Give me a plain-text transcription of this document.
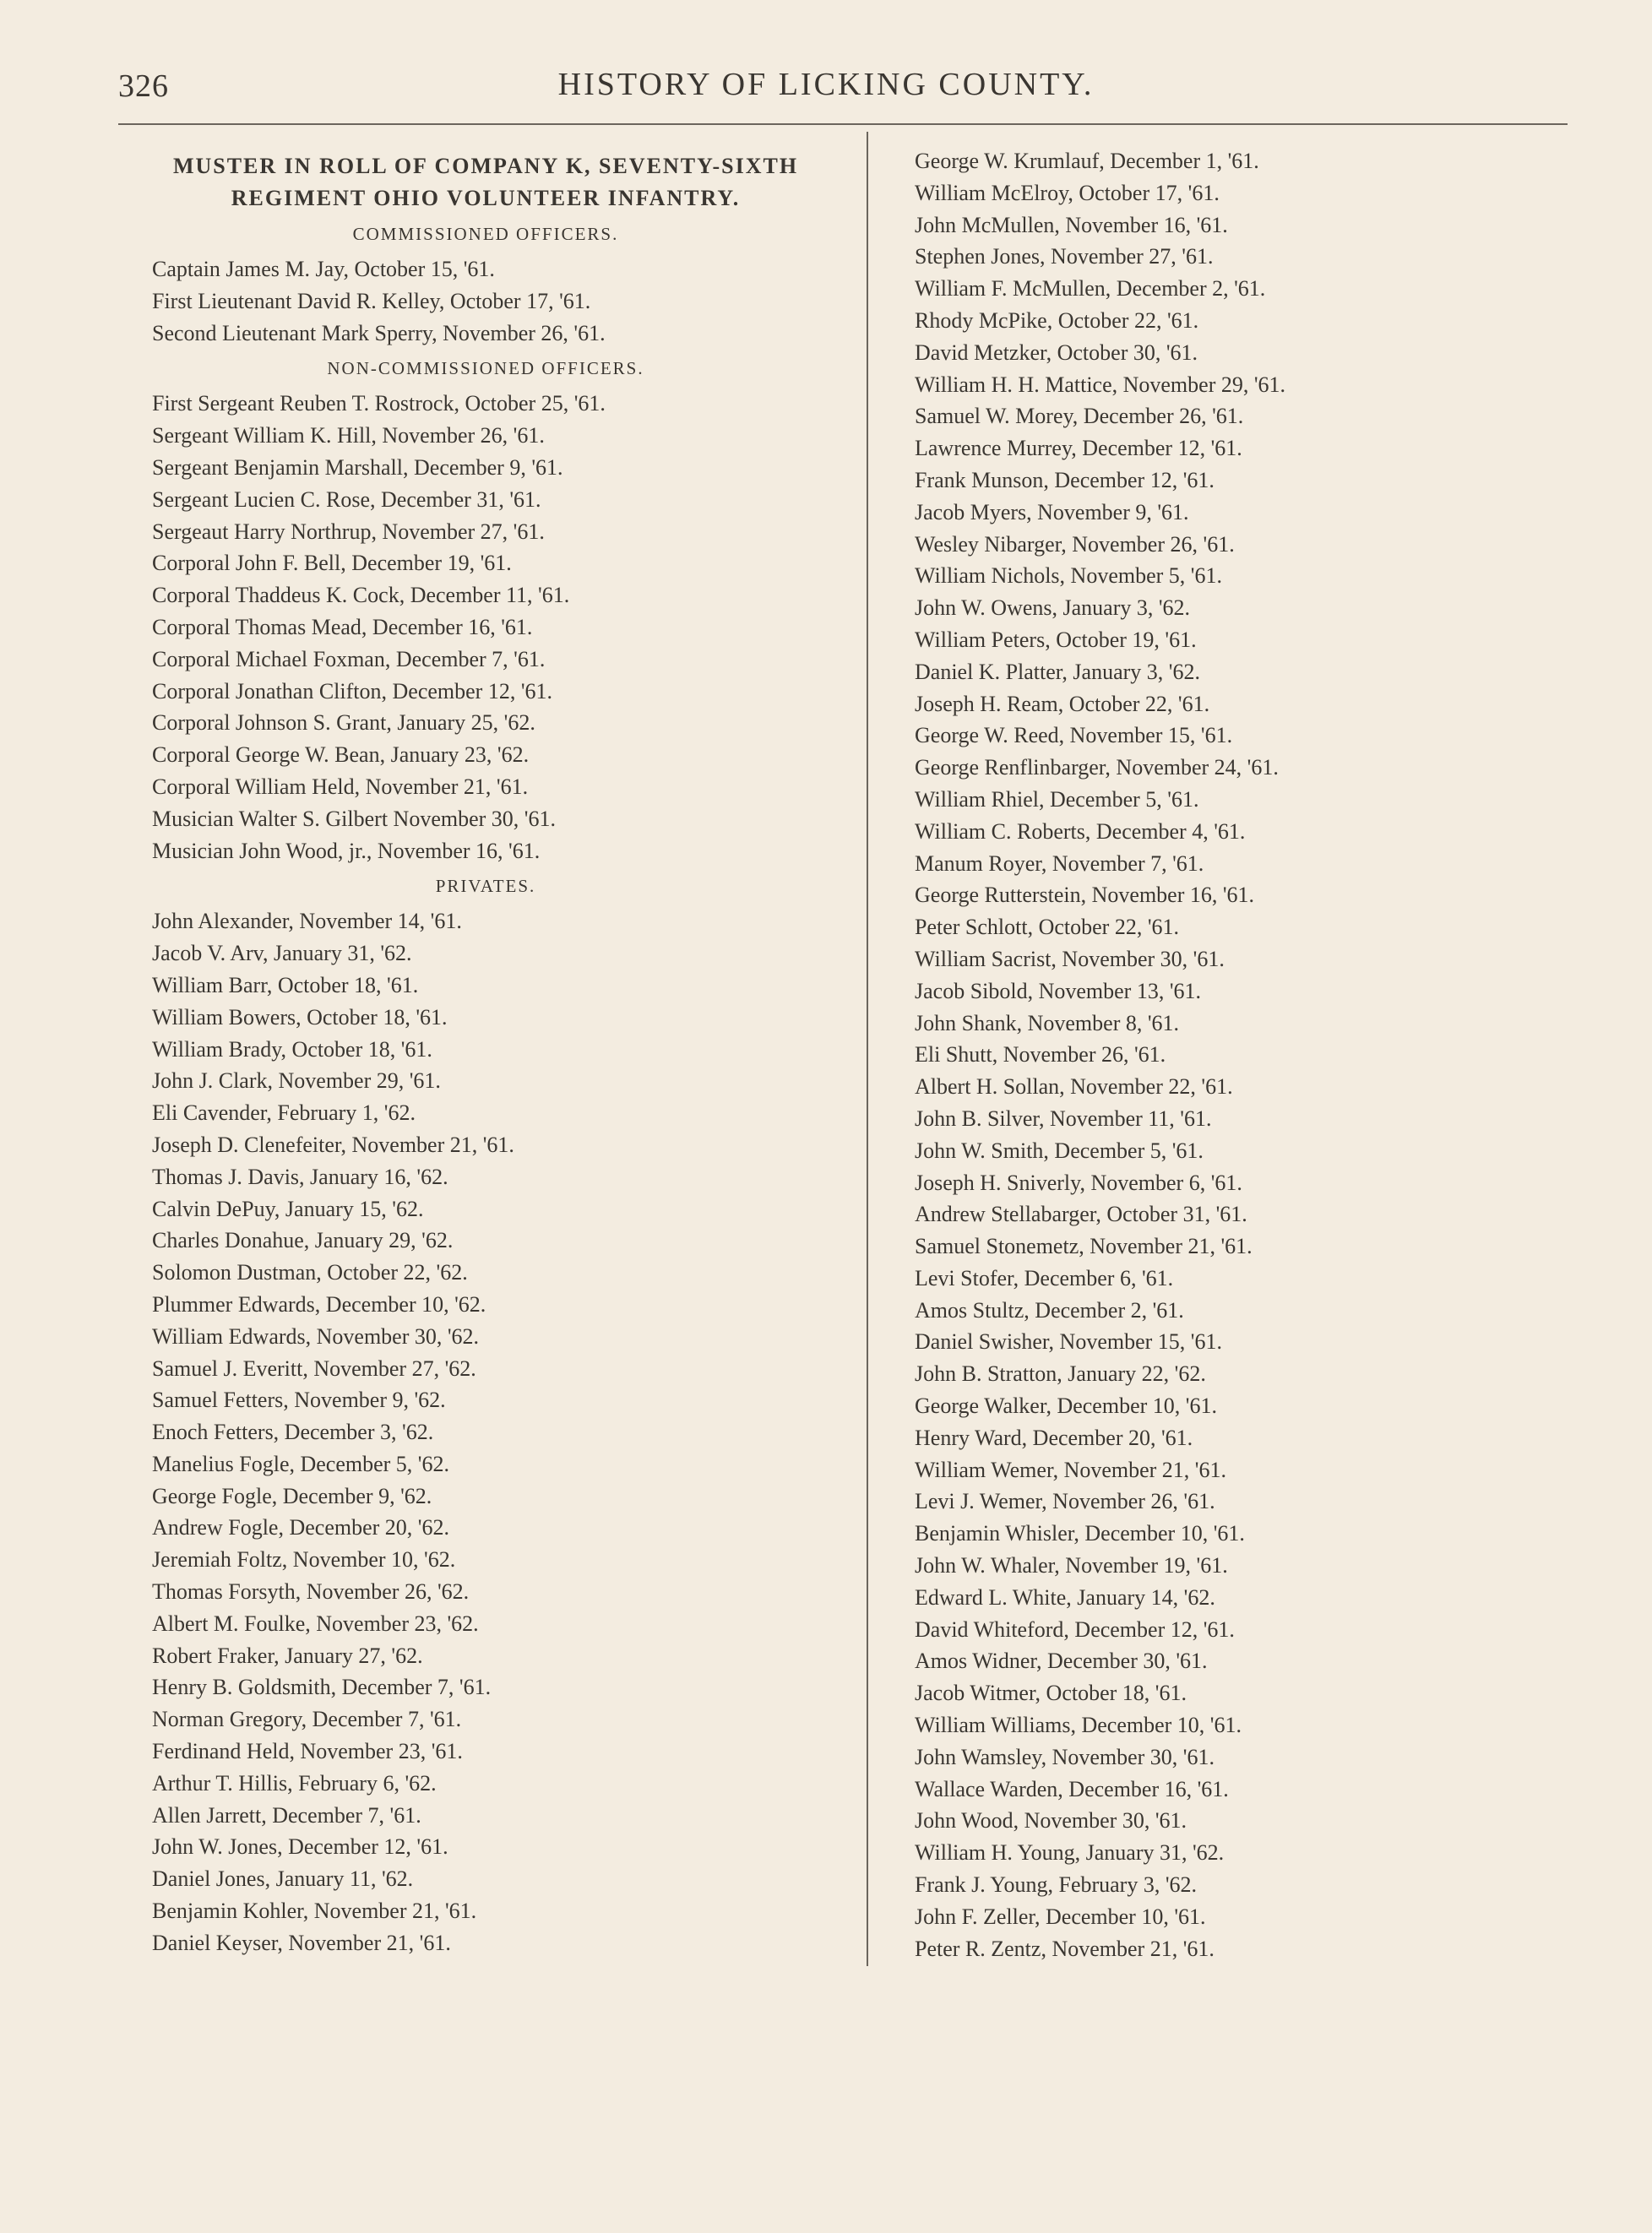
326	HISTORY OF LICKING COUNTY.
MUSTER IN ROLL OF COMPANY K, SEVENTY-SIXTH
REGIMENT OHIO VOLUNTEER INFANTRY.
COMMISSIONED OFFICERS.
Captain James M. Jay, October 15, '61.
First Lieutenant David R. Kelley, October 17, '61.
Second Lieutenant Mark Sperry, November 26, '61.
NON-COMMISSIONED OFFICERS.
First Sergeant Reuben T. Rostrock, October 25, '61.
Sergeant William K. Hill, November 26, '61.
Sergeant Benjamin Marshall, December 9, '61.
Sergeant Lucien C. Rose, December 31, '61.
Sergeaut Harry Northrup, November 27, '61.
Corporal John F. Bell, December 19, '61.
Corporal Thaddeus K. Cock, December 11, '61.
Corporal Thomas Mead, December 16, '61.
Corporal Michael Foxman, December 7, '61.
Corporal Jonathan Clifton, December 12, '61.
Corporal Johnson S. Grant, January 25, '62.
Corporal George W. Bean, January 23, '62.
Corporal William Held, November 21, '61.
Musician Walter S. Gilbert November 30, '61.
Musician John Wood, jr., November 16, '61.
PRIVATES.
John Alexander, November 14, '61.
Jacob V. Arv, January 31, '62.
William Barr, October 18, '61.
William Bowers, October 18, '61.
William Brady, October 18, '61.
John J. Clark, November 29, '61.
Eli Cavender, February 1, '62.
Joseph D. Clenefeiter, November 21, '61.
Thomas J. Davis, January 16, '62.
Calvin DePuy, January 15, '62.
Charles Donahue, January 29, '62.
Solomon Dustman, October 22, '62.
Plummer Edwards, December 10, '62.
William Edwards, November 30, '62.
Samuel J. Everitt, November 27, '62.
Samuel Fetters, November 9, '62.
Enoch Fetters, December 3, '62.
Manelius Fogle, December 5, '62.
George Fogle, December 9, '62.
Andrew Fogle, December 20, '62.
Jeremiah Foltz, November 10, '62.
Thomas Forsyth, November 26, '62.
Albert M. Foulke, November 23, '62.
Robert Fraker, January 27, '62.
Henry B. Goldsmith, December 7, '61.
Norman Gregory, December 7, '61.
Ferdinand Held, November 23, '61.
Arthur T. Hillis, February 6, '62.
Allen Jarrett, December 7, '61.
John W. Jones, December 12, '61.
Daniel Jones, January 11, '62.
Benjamin Kohler, November 21, '61.
Daniel Keyser, November 21, '61.
George W. Krumlauf, December 1, '61.
William McElroy, October 17, '61.
John McMullen, November 16, '61.
Stephen Jones, November 27, '61.
William F. McMullen, December 2, '61.
Rhody McPike, October 22, '61.
David Metzker, October 30, '61.
William H. H. Mattice, November 29, '61.
Samuel W. Morey, December 26, '61.
Lawrence Murrey, December 12, '61.
Frank Munson, December 12, '61.
Jacob Myers, November 9, '61.
Wesley Nibarger, November 26, '61.
William Nichols, November 5, '61.
John W. Owens, January 3, '62.
William Peters, October 19, '61.
Daniel K. Platter, January 3, '62.
Joseph H. Ream, October 22, '61.
George W. Reed, November 15, '61.
George Renflinbarger, November 24, '61.
William Rhiel, December 5, '61.
William C. Roberts, December 4, '61.
Manum Royer, November 7, '61.
George Rutterstein, November 16, '61.
Peter Schlott, October 22, '61.
William Sacrist, November 30, '61.
Jacob Sibold, November 13, '61.
John Shank, November 8, '61.
Eli Shutt, November 26, '61.
Albert H. Sollan, November 22, '61.
John B. Silver, November 11, '61.
John W. Smith, December 5, '61.
Joseph H. Sniverly, November 6, '61.
Andrew Stellabarger, October 31, '61.
Samuel Stonemetz, November 21, '61.
Levi Stofer, December 6, '61.
Amos Stultz, December 2, '61.
Daniel Swisher, November 15, '61.
John B. Stratton, January 22, '62.
George Walker, December 10, '61.
Henry Ward, December 20, '61.
William Wemer, November 21, '61.
Levi J. Wemer, November 26, '61.
Benjamin Whisler, December 10, '61.
John W. Whaler, November 19, '61.
Edward L. White, January 14, '62.
David Whiteford, December 12, '61.
Amos Widner, December 30, '61.
Jacob Witmer, October 18, '61.
William Williams, December 10, '61.
John Wamsley, November 30, '61.
Wallace Warden, December 16, '61.
John Wood, November 30, '61.
William H. Young, January 31, '62.
Frank J. Young, February 3, '62.
John F. Zeller, December 10, '61.
Peter R. Zentz, November 21, '61.
